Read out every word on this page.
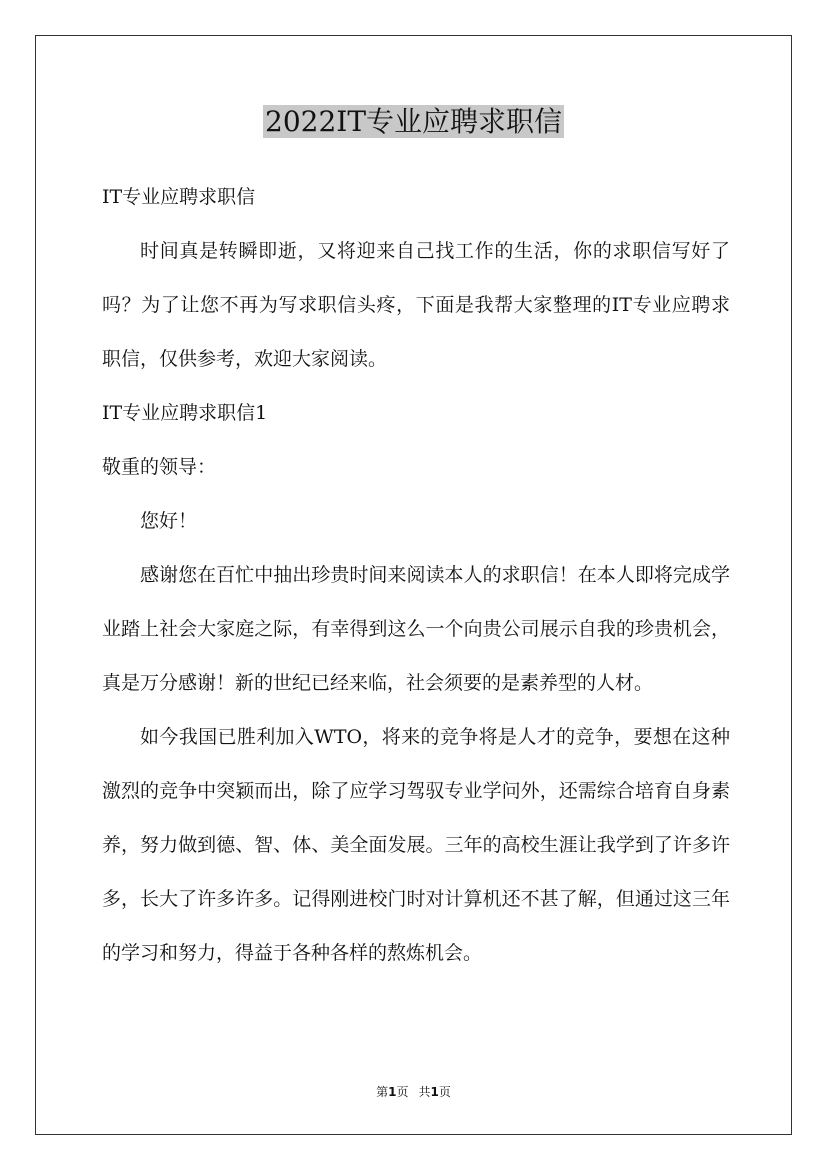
2022IT专业应聘求职信

IT专业应聘求职信

时间真是转瞬即逝，又将迎来自己找工作的生活，你的求职信写好了吗？为了让您不再为写求职信头疼，下面是我帮大家整理的IT专业应聘求职信，仅供参考，欢迎大家阅读。

IT专业应聘求职信1

敬重的领导：

您好！

感谢您在百忙中抽出珍贵时间来阅读本人的求职信！在本人即将完成学业踏上社会大家庭之际，有幸得到这么一个向贵公司展示自我的珍贵机会，真是万分感谢！新的世纪已经来临，社会须要的是素养型的人材。

如今我国已胜利加入WTO，将来的竞争将是人才的竞争，要想在这种激烈的竞争中突颖而出，除了应学习驾驭专业学问外，还需综合培育自身素养，努力做到德、智、体、美全面发展。三年的高校生涯让我学到了许多许多，长大了许多许多。记得刚进校门时对计算机还不甚了解，但通过这三年的学习和努力，得益于各种各样的熬炼机会。

第1页 共1页
